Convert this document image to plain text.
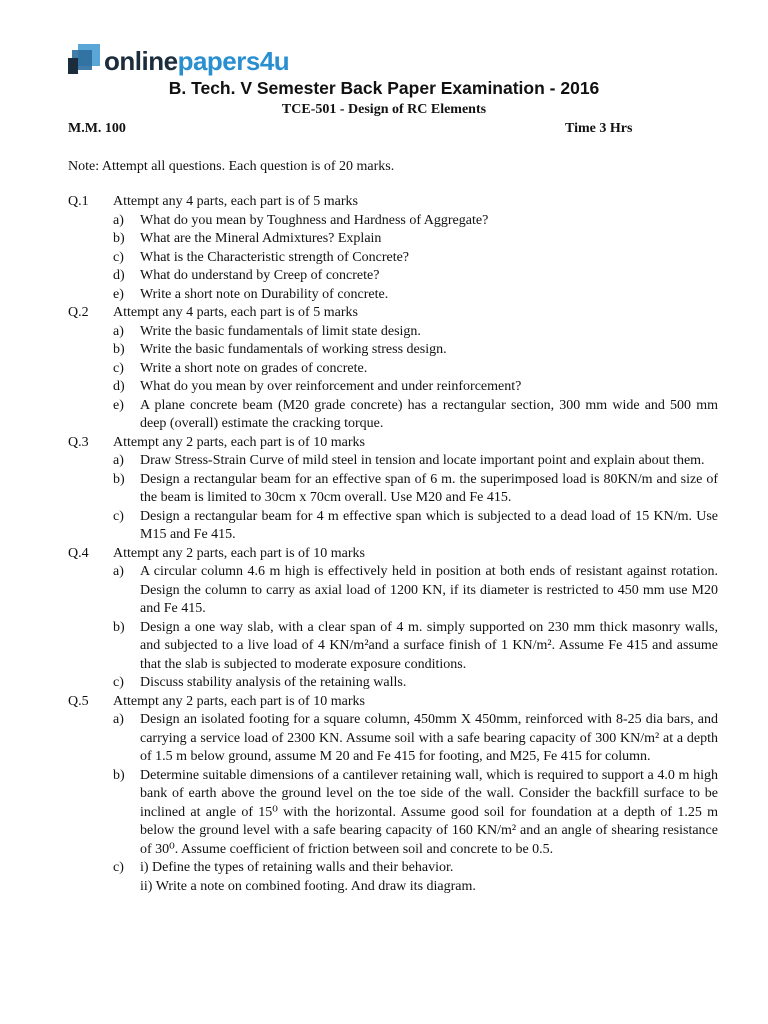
onlinepapers4u
B. Tech. V Semester Back Paper Examination - 2016
TCE-501 - Design of RC Elements
M.M. 100	Time 3 Hrs
Note: Attempt all questions. Each question is of 20 marks.
Q.1	Attempt any 4 parts, each part is of 5 marks
a)	What do you mean by Toughness and Hardness of Aggregate?
b)	What are the Mineral Admixtures? Explain
c)	What is the Characteristic strength of Concrete?
d)	What do understand by Creep of concrete?
e)	Write a short note on Durability of concrete.
Q.2	Attempt any 4 parts, each part is of 5 marks
a)	Write the basic fundamentals of limit state design.
b)	Write the basic fundamentals of working stress design.
c)	Write a short note on grades of concrete.
d)	What do you mean by over reinforcement and under reinforcement?
e)	A plane concrete beam (M20 grade concrete) has a rectangular section, 300 mm wide and 500 mm deep (overall) estimate the cracking torque.
Q.3	Attempt any 2 parts, each part is of 10 marks
a)	Draw Stress-Strain Curve of mild steel in tension and locate important point and explain about them.
b)	Design a rectangular beam for an effective span of 6 m. the superimposed load is 80KN/m and size of the beam is limited to 30cm x 70cm overall. Use M20 and Fe 415.
c)	Design a rectangular beam for 4 m effective span which is subjected to a dead load of 15 KN/m. Use M15 and Fe 415.
Q.4	Attempt any 2 parts, each part is of 10 marks
a)	A circular column 4.6 m high is effectively held in position at both ends of resistant against rotation. Design the column to carry as axial load of 1200 KN, if its diameter is restricted to 450 mm use M20 and Fe 415.
b)	Design a one way slab, with a clear span of 4 m. simply supported on 230 mm thick masonry walls, and subjected to a live load of 4 KN/m²and a surface finish of 1 KN/m². Assume Fe 415 and assume that the slab is subjected to moderate exposure conditions.
c)	Discuss stability analysis of the retaining walls.
Q.5	Attempt any 2 parts, each part is of 10 marks
a)	Design an isolated footing for a square column, 450mm X 450mm, reinforced with 8-25 dia bars, and carrying a service load of 2300 KN. Assume soil with a safe bearing capacity of 300 KN/m² at a depth of 1.5 m below ground, assume M 20 and Fe 415 for footing, and M25, Fe 415 for column.
b)	Determine suitable dimensions of a cantilever retaining wall, which is required to support a 4.0 m high bank of earth above the ground level on the toe side of the wall. Consider the backfill surface to be inclined at angle of 15⁰ with the horizontal. Assume good soil for foundation at a depth of 1.25 m below the ground level with a safe bearing capacity of 160 KN/m² and an angle of shearing resistance of 30⁰. Assume coefficient of friction between soil and concrete to be 0.5.
c)	i) Define the types of retaining walls and their behavior.
ii) Write a note on combined footing. And draw its diagram.
